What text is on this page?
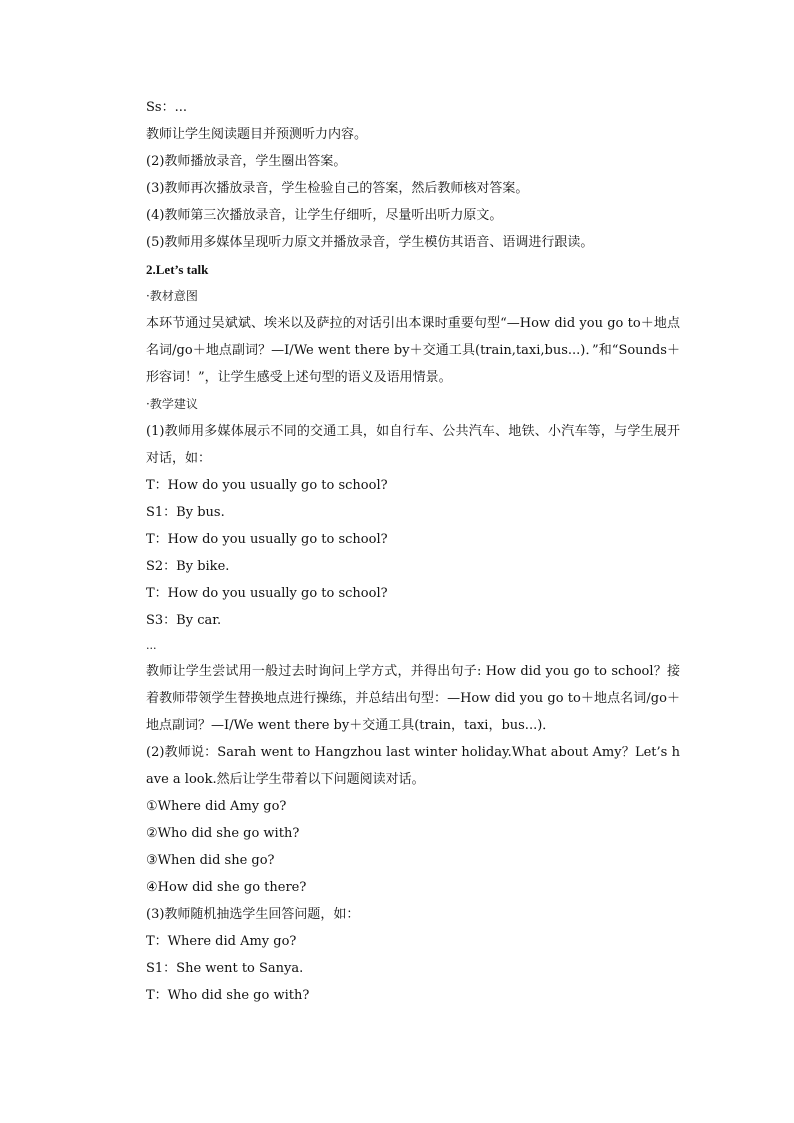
Ss：...
教师让学生阅读题目并预测听力内容。
(2)教师播放录音，学生圈出答案。
(3)教师再次播放录音，学生检验自己的答案，然后教师核对答案。
(4)教师第三次播放录音，让学生仔细听，尽量听出听力原文。
(5)教师用多媒体呈现听力原文并播放录音，学生模仿其语音、语调进行跟读。
2.Let’s talk
·教材意图
本环节通过吴斌斌、埃米以及萨拉的对话引出本课时重要句型“—How did you go to＋地点名词/go＋地点副词？—I/We went there by＋交通工具(train,taxi,bus...)．”和“Sounds＋形容词！”，让学生感受上述句型的语义及语用情景。
·教学建议
(1)教师用多媒体展示不同的交通工具，如自行车、公共汽车、地铁、小汽车等，与学生展开对话，如：
T：How do you usually go to school?
S1：By bus.
T：How do you usually go to school?
S2：By bike.
T：How do you usually go to school?
S3：By car.
...
教师让学生尝试用一般过去时询问上学方式，并得出句子: How did you go to school？接着教师带领学生替换地点进行操练，并总结出句型：—How did you go to＋地点名词/go＋地点副词？—I/We went there by＋交通工具(train，taxi，bus...)．
(2)教师说：Sarah went to Hangzhou last winter holiday.What about Amy？Let’s have a look.然后让学生带着以下问题阅读对话。
①Where did Amy go?
②Who did she go with?
③When did she go?
④How did she go there?
(3)教师随机抽选学生回答问题，如：
T：Where did Amy go?
S1：She went to Sanya.
T：Who did she go with?
